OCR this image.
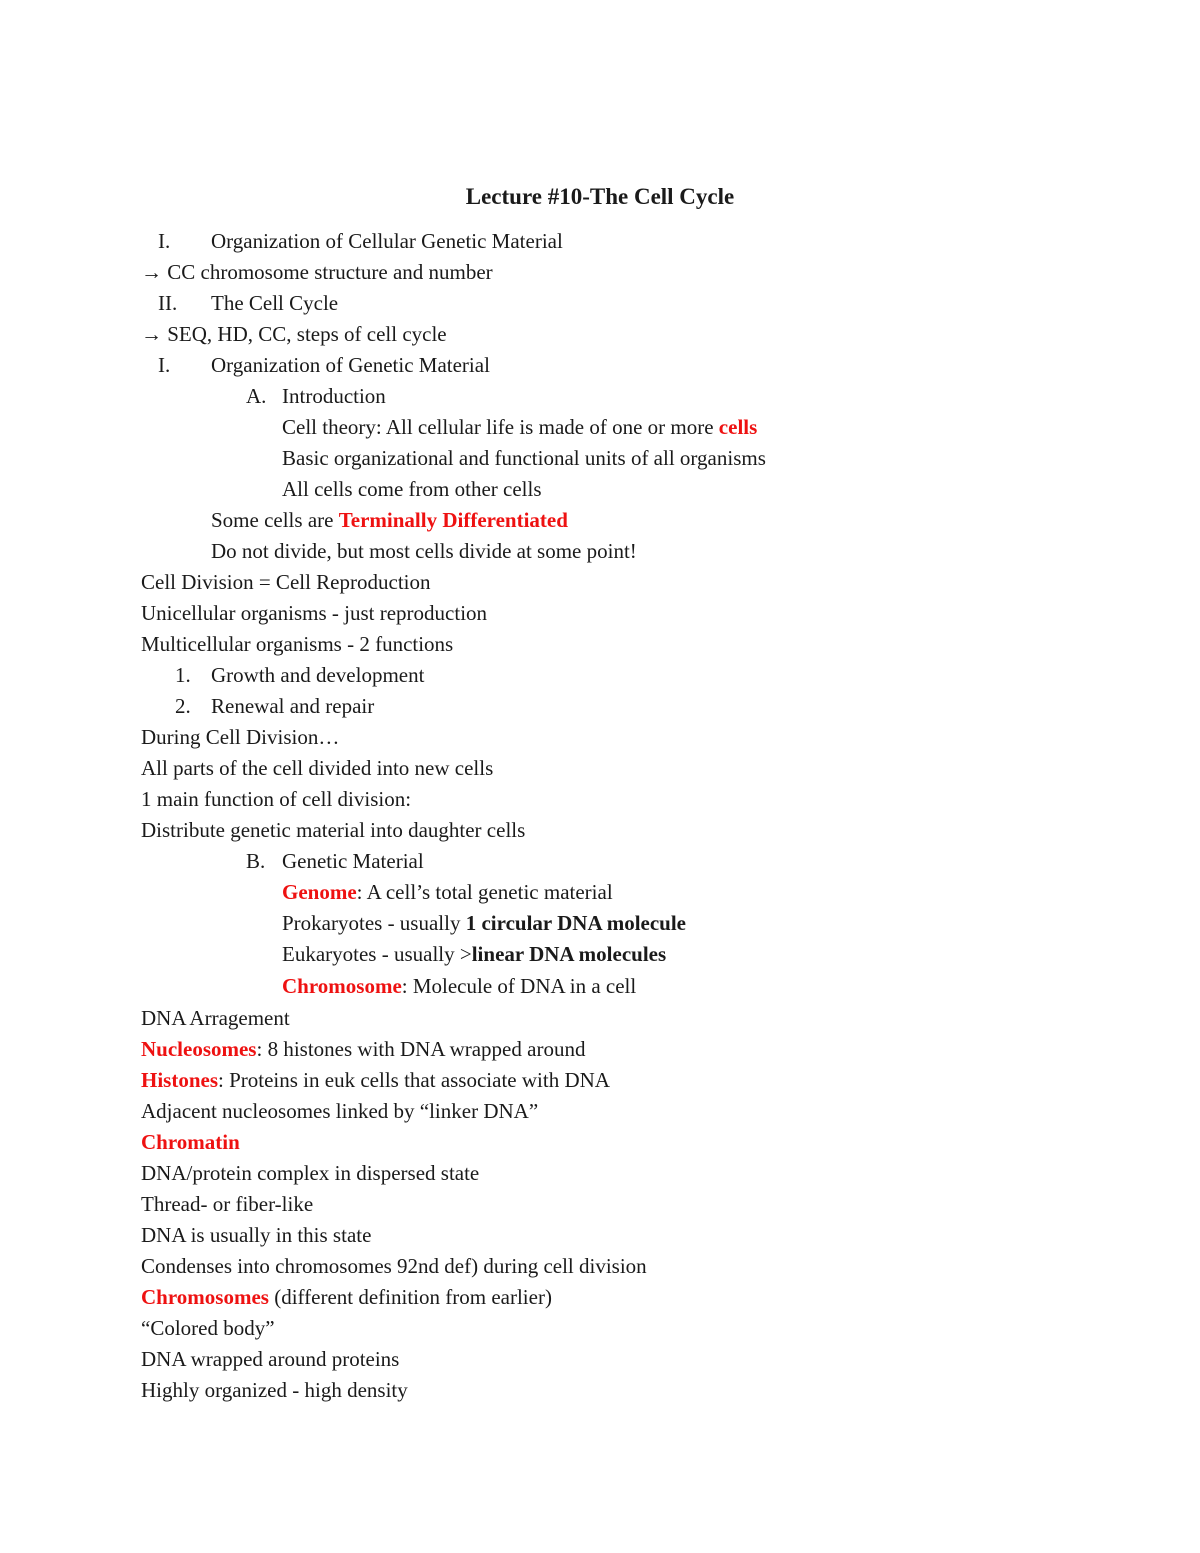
Lecture #10-The Cell Cycle
I. Organization of Cellular Genetic Material
→ CC chromosome structure and number
II. The Cell Cycle
→ SEQ, HD, CC, steps of cell cycle
I. Organization of Genetic Material
A. Introduction
Cell theory: All cellular life is made of one or more cells
Basic organizational and functional units of all organisms
All cells come from other cells
Some cells are Terminally Differentiated
Do not divide, but most cells divide at some point!
Cell Division = Cell Reproduction
Unicellular organisms - just reproduction
Multicellular organisms - 2 functions
1. Growth and development
2. Renewal and repair
During Cell Division…
All parts of the cell divided into new cells
1 main function of cell division:
Distribute genetic material into daughter cells
B. Genetic Material
Genome: A cell’s total genetic material
Prokaryotes - usually 1 circular DNA molecule
Eukaryotes - usually >linear DNA molecules
Chromosome: Molecule of DNA in a cell
DNA Arragement
Nucleosomes: 8 histones with DNA wrapped around
Histones: Proteins in euk cells that associate with DNA
Adjacent nucleosomes linked by “linker DNA”
Chromatin
DNA/protein complex in dispersed state
Thread- or fiber-like
DNA is usually in this state
Condenses into chromosomes 92nd def) during cell division
Chromosomes (different definition from earlier)
“Colored body”
DNA wrapped around proteins
Highly organized - high density
